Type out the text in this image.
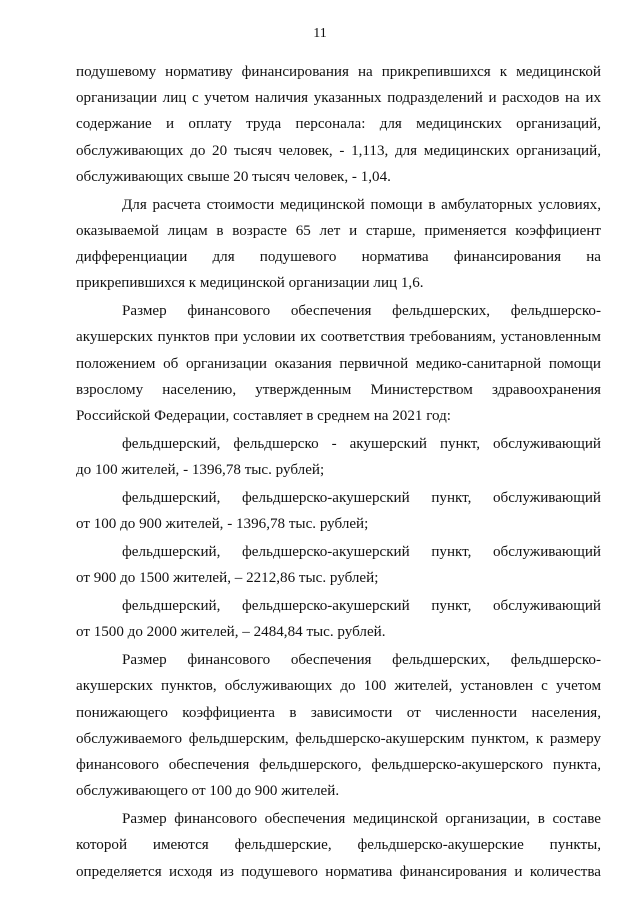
11
подушевому нормативу финансирования на прикрепившихся к медицинской
организации лиц с учетом наличия указанных подразделений и расходов на их
содержание и оплату труда персонала: для медицинских организаций,
обслуживающих до 20 тысяч человек, - 1,113, для медицинских организаций,
обслуживающих свыше 20 тысяч человек, - 1,04.
Для расчета стоимости медицинской помощи в амбулаторных условиях,
оказываемой лицам в возрасте 65 лет и старше, применяется коэффициент
дифференциации для подушевого норматива финансирования на
прикрепившихся к медицинской организации лиц 1,6.
Размер финансового обеспечения фельдшерских, фельдшерско-
акушерских пунктов при условии их соответствия требованиям, установленным
положением об организации оказания первичной медико-санитарной помощи
взрослому населению, утвержденным Министерством здравоохранения
Российской Федерации, составляет в среднем на 2021 год:
фельдшерский, фельдшерско - акушерский пункт, обслуживающий
до 100 жителей, - 1396,78 тыс. рублей;
фельдшерский, фельдшерско-акушерский пункт, обслуживающий
от 100 до 900 жителей, - 1396,78 тыс. рублей;
фельдшерский, фельдшерско-акушерский пункт, обслуживающий
от 900 до 1500 жителей, – 2212,86 тыс. рублей;
фельдшерский, фельдшерско-акушерский пункт, обслуживающий
от 1500 до 2000 жителей, – 2484,84 тыс. рублей.
Размер финансового обеспечения фельдшерских, фельдшерско-
акушерских пунктов, обслуживающих до 100 жителей, установлен с учетом
понижающего коэффициента в зависимости от численности населения,
обслуживаемого фельдшерским, фельдшерско-акушерским пунктом, к размеру
финансового обеспечения фельдшерского, фельдшерско-акушерского пункта,
обслуживающего от 100 до 900 жителей.
Размер финансового обеспечения медицинской организации, в составе
которой имеются фельдшерские, фельдшерско-акушерские пункты,
определяется исходя из подушевого норматива финансирования и количества
